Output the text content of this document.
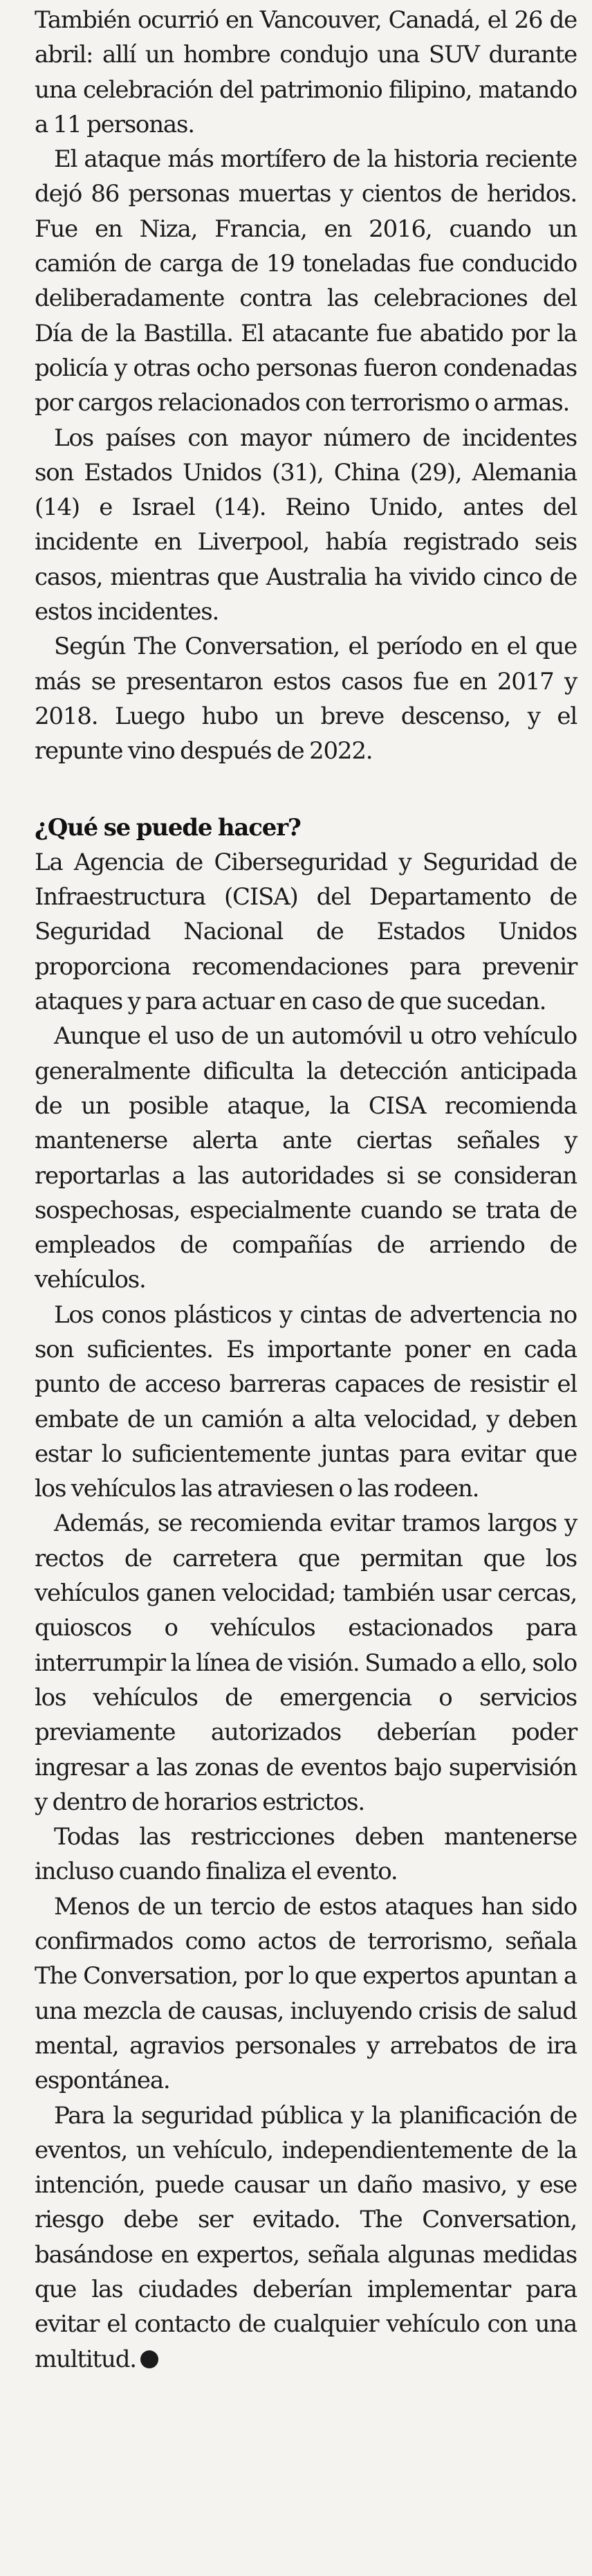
También ocurrió en Vancouver, Canadá, el 26 de abril: allí un hombre condujo una SUV durante una celebración del patrimonio filipino, matando a 11 personas.

El ataque más mortífero de la historia reciente dejó 86 personas muertas y cientos de heridos. Fue en Niza, Francia, en 2016, cuando un camión de carga de 19 toneladas fue conducido deliberadamente contra las celebraciones del Día de la Bastilla. El atacante fue abatido por la policía y otras ocho personas fueron condenadas por cargos relacionados con terrorismo o armas.

Los países con mayor número de incidentes son Estados Unidos (31), China (29), Alemania (14) e Israel (14). Reino Unido, antes del incidente en Liverpool, había registrado seis casos, mientras que Australia ha vivido cinco de estos incidentes.

Según The Conversation, el período en el que más se presentaron estos casos fue en 2017 y 2018. Luego hubo un breve descenso, y el repunte vino después de 2022.

¿Qué se puede hacer?

La Agencia de Ciberseguridad y Seguridad de Infraestructura (CISA) del Departamento de Seguridad Nacional de Estados Unidos proporciona recomendaciones para prevenir ataques y para actuar en caso de que sucedan.

Aunque el uso de un automóvil u otro vehículo generalmente dificulta la detección anticipada de un posible ataque, la CISA recomienda mantenerse alerta ante ciertas señales y reportarlas a las autoridades si se consideran sospechosas, especialmente cuando se trata de empleados de compañías de arriendo de vehículos.

Los conos plásticos y cintas de advertencia no son suficientes. Es importante poner en cada punto de acceso barreras capaces de resistir el embate de un camión a alta velocidad, y deben estar lo suficientemente juntas para evitar que los vehículos las atraviesen o las rodeen.

Además, se recomienda evitar tramos largos y rectos de carretera que permitan que los vehículos ganen velocidad; también usar cercas, quioscos o vehículos estacionados para interrumpir la línea de visión. Sumado a ello, solo los vehículos de emergencia o servicios previamente autorizados deberían poder ingresar a las zonas de eventos bajo supervisión y dentro de horarios estrictos.

Todas las restricciones deben mantenerse incluso cuando finaliza el evento.

Menos de un tercio de estos ataques han sido confirmados como actos de terrorismo, señala The Conversation, por lo que expertos apuntan a una mezcla de causas, incluyendo crisis de salud mental, agravios personales y arrebatos de ira espontánea.

Para la seguridad pública y la planificación de eventos, un vehículo, independientemente de la intención, puede causar un daño masivo, y ese riesgo debe ser evitado. The Conversation, basándose en expertos, señala algunas medidas que las ciudades deberían implementar para evitar el contacto de cualquier vehículo con una multitud.
